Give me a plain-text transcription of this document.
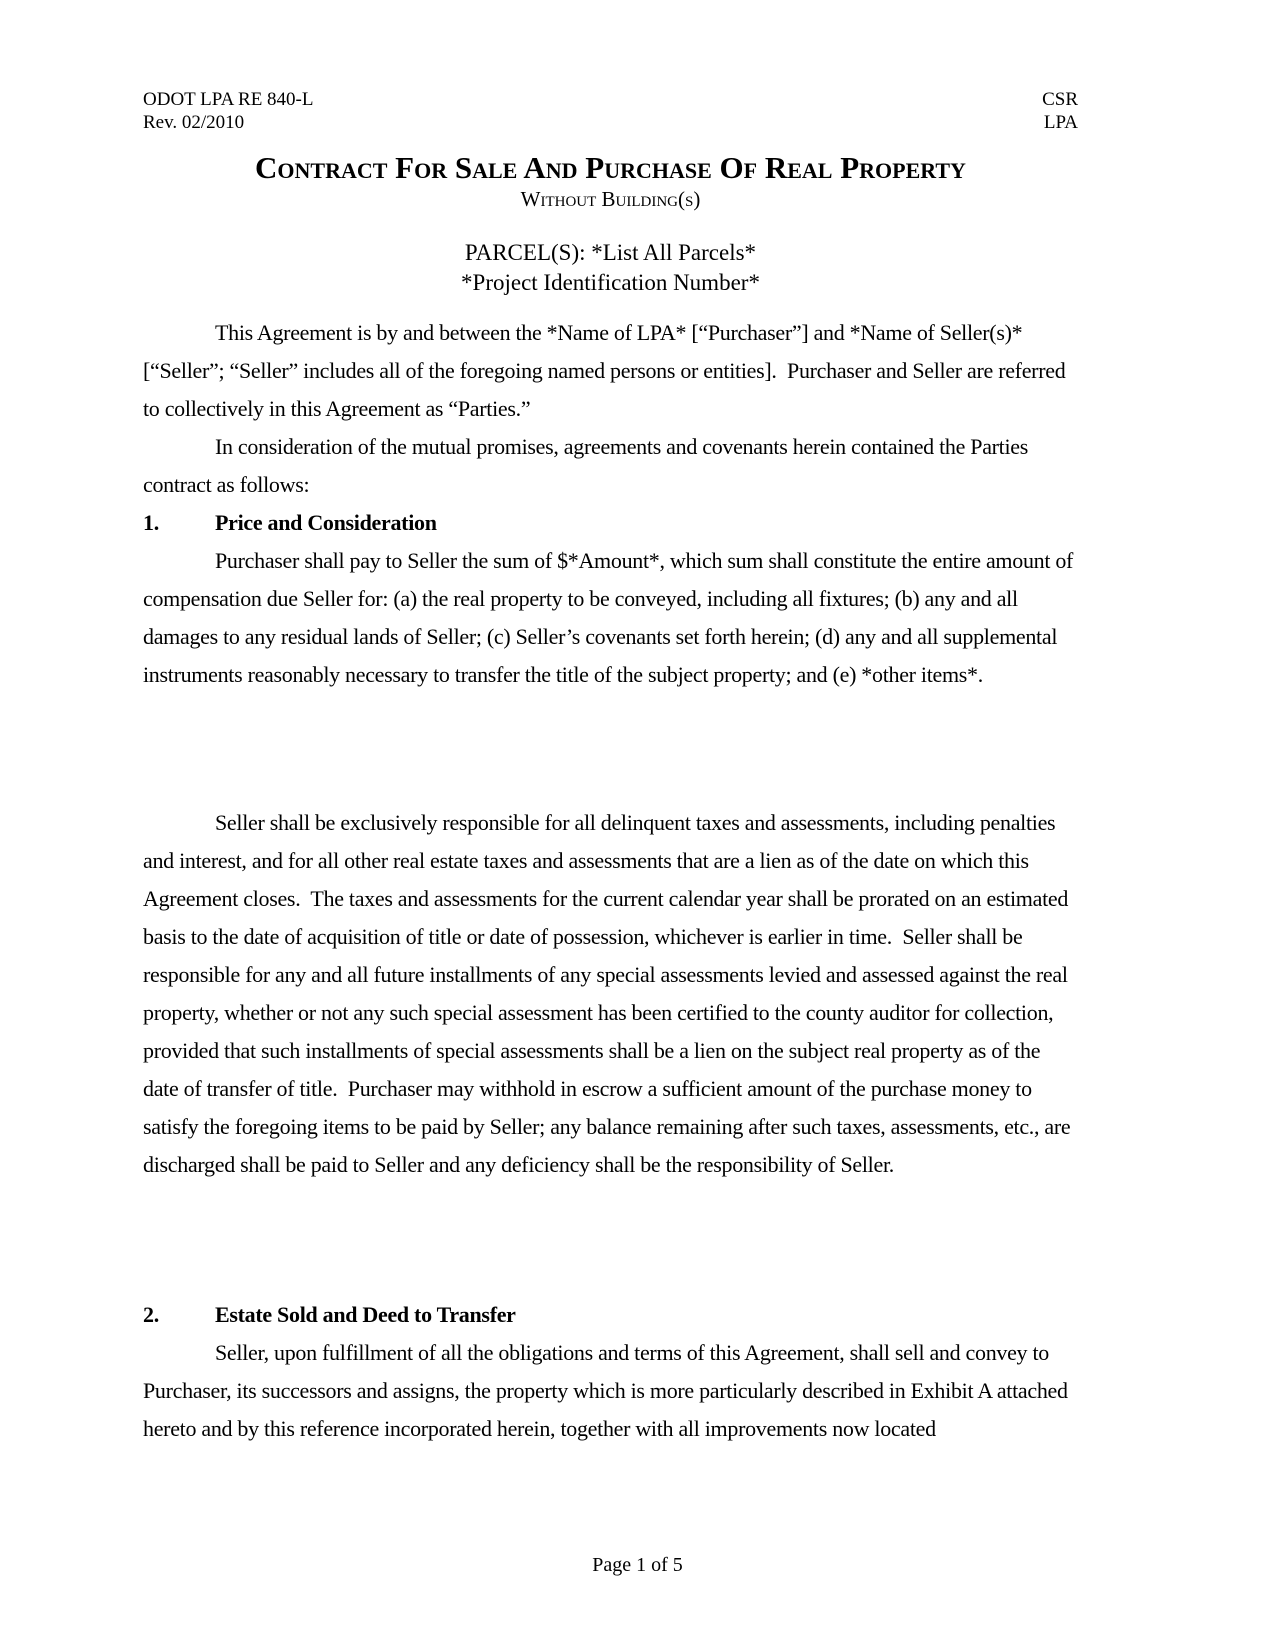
ODOT LPA RE 840-L
Rev. 02/2010
CSR
LPA
Contract For Sale And Purchase Of Real Property
Without Building(s)
PARCEL(S): *List All Parcels*
*Project Identification Number*

This Agreement is by and between the *Name of LPA* [“Purchaser”] and *Name of Seller(s)* [“Seller”; “Seller” includes all of the foregoing named persons or entities].  Purchaser and Seller are referred to collectively in this Agreement as “Parties.”

In consideration of the mutual promises, agreements and covenants herein contained the Parties contract as follows:

1.	Price and Consideration

Purchaser shall pay to Seller the sum of $*Amount*, which sum shall constitute the entire amount of compensation due Seller for: (a) the real property to be conveyed, including all fixtures; (b) any and all damages to any residual lands of Seller; (c) Seller’s covenants set forth herein; (d) any and all supplemental instruments reasonably necessary to transfer the title of the subject property; and (e) *other items*.

Seller shall be exclusively responsible for all delinquent taxes and assessments, including penalties and interest, and for all other real estate taxes and assessments that are a lien as of the date on which this Agreement closes.  The taxes and assessments for the current calendar year shall be prorated on an estimated basis to the date of acquisition of title or date of possession, whichever is earlier in time.  Seller shall be responsible for any and all future installments of any special assessments levied and assessed against the real property, whether or not any such special assessment has been certified to the county auditor for collection, provided that such installments of special assessments shall be a lien on the subject real property as of the date of transfer of title.  Purchaser may withhold in escrow a sufficient amount of the purchase money to satisfy the foregoing items to be paid by Seller; any balance remaining after such taxes, assessments, etc., are discharged shall be paid to Seller and any deficiency shall be the responsibility of Seller.

2.	Estate Sold and Deed to Transfer

Seller, upon fulfillment of all the obligations and terms of this Agreement, shall sell and convey to Purchaser, its successors and assigns, the property which is more particularly described in Exhibit A attached hereto and by this reference incorporated herein, together with all improvements now located

Page 1 of 5
